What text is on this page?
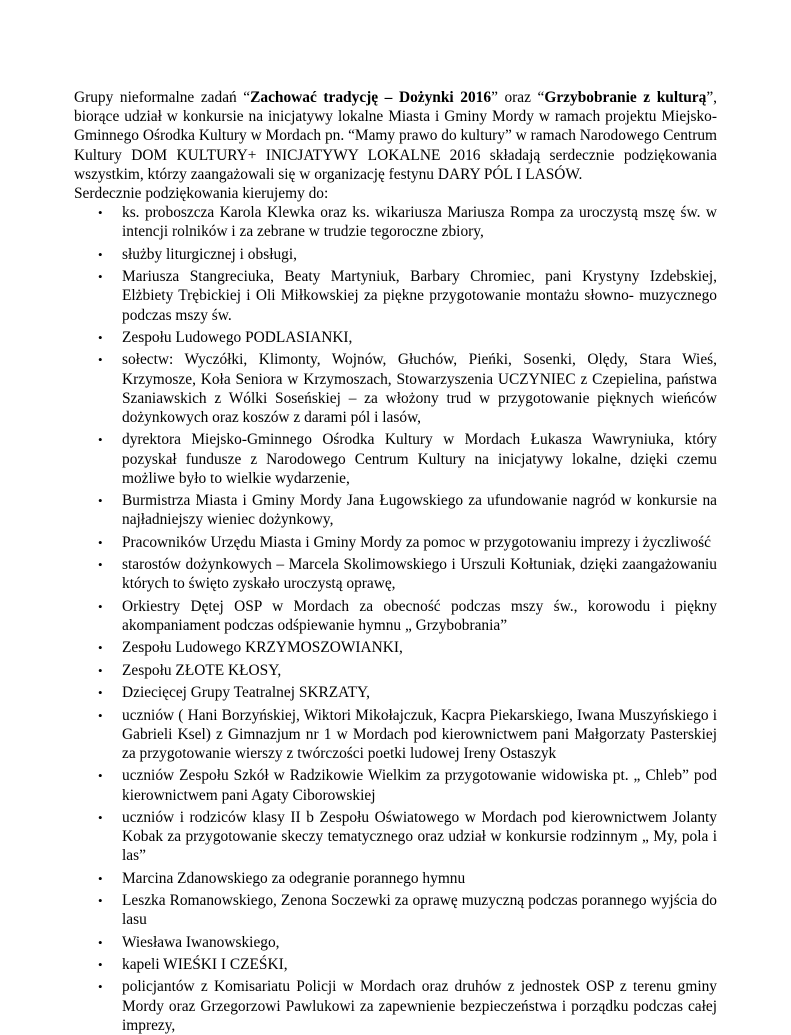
Grupy nieformalne zadań “Zachować tradycję – Dożynki 2016” oraz “Grzybobranie z kulturą”, biorące udział w konkursie na inicjatywy lokalne Miasta i Gminy Mordy w ramach projektu Miejsko-Gminnego Ośrodka Kultury w Mordach pn. “Mamy prawo do kultury” w ramach Narodowego Centrum Kultury DOM KULTURY+ INICJATYWY LOKALNE 2016 składają serdecznie podziękowania wszystkim, którzy zaangażowali się w organizację festynu DARY PÓL I LASÓW.

Serdecznie podziękowania kierujemy do:

• ks. proboszcza Karola Klewka oraz ks. wikariusza Mariusza Rompa za uroczystą mszę św. w intencji rolników i za zebrane w trudzie tegoroczne zbiory,
• służby liturgicznej i obsługi,
• Mariusza Stangreciuka, Beaty Martyniuk, Barbary Chromiec, pani Krystyny Izdebskiej, Elżbiety Trębickiej i Oli Miłkowskiej za piękne przygotowanie montażu słowno- muzycznego podczas mszy św.
• Zespołu Ludowego PODLASIANKI,
• sołectw: Wyczółki, Klimonty, Wojnów, Głuchów, Pieńki, Sosenki, Olędy, Stara Wieś, Krzymosze, Koła Seniora w Krzymoszach, Stowarzyszenia UCZYNIEC z Czepielina, państwa Szaniawskich z Wólki Soseńskiej – za włożony trud w przygotowanie pięknych wieńców dożynkowych oraz koszów z darami pól i lasów,
• dyrektora Miejsko-Gminnego Ośrodka Kultury w Mordach Łukasza Wawryniuka, który pozyskał fundusze z Narodowego Centrum Kultury na inicjatywy lokalne, dzięki czemu możliwe było to wielkie wydarzenie,
• Burmistrza Miasta i Gminy Mordy Jana Ługowskiego za ufundowanie nagród w konkursie na najładniejszy wieniec dożynkowy,
• Pracowników Urzędu Miasta i Gminy Mordy za pomoc w przygotowaniu imprezy i życzliwość
• starostów dożynkowych – Marcela Skolimowskiego i Urszuli Kołtuniak, dzięki zaangażowaniu których to święto zyskało uroczystą oprawę,
• Orkiestry Dętej OSP w Mordach za obecność podczas mszy św., korowodu i piękny akompaniament podczas odśpiewanie hymnu „ Grzybobrania”
• Zespołu Ludowego KRZYMOSZOWIANKI,
• Zespołu ZŁOTE KŁOSY,
• Dziecięcej Grupy Teatralnej SKRZATY,
• uczniów ( Hani Borzyńskiej, Wiktori Mikołajczuk, Kacpra Piekarskiego, Iwana Muszyńskiego i Gabrieli Ksel) z Gimnazjum nr 1 w Mordach pod kierownictwem pani Małgorzaty Pasterskiej za przygotowanie wierszy z twórczości poetki ludowej Ireny Ostaszyk
• uczniów Zespołu Szkół w Radzikowie Wielkim za przygotowanie widowiska pt. „ Chleb” pod kierownictwem pani Agaty Ciborowskiej
• uczniów i rodziców klasy II b Zespołu Oświatowego w Mordach pod kierownictwem Jolanty Kobak za przygotowanie skeczy tematycznego oraz udział w konkursie rodzinnym „ My, pola i las”
• Marcina Zdanowskiego za odegranie porannego hymnu
• Leszka Romanowskiego, Zenona Soczewki za oprawę muzyczną podczas porannego wyjścia do lasu
• Wiesława Iwanowskiego,
• kapeli WIEŚKI I CZEŚKI,
• policjantów z Komisariatu Policji w Mordach oraz druhów z jednostek OSP z terenu gminy Mordy oraz Grzegorzowi Pawlukowi za zapewnienie bezpieczeństwa i porządku podczas całej imprezy,
